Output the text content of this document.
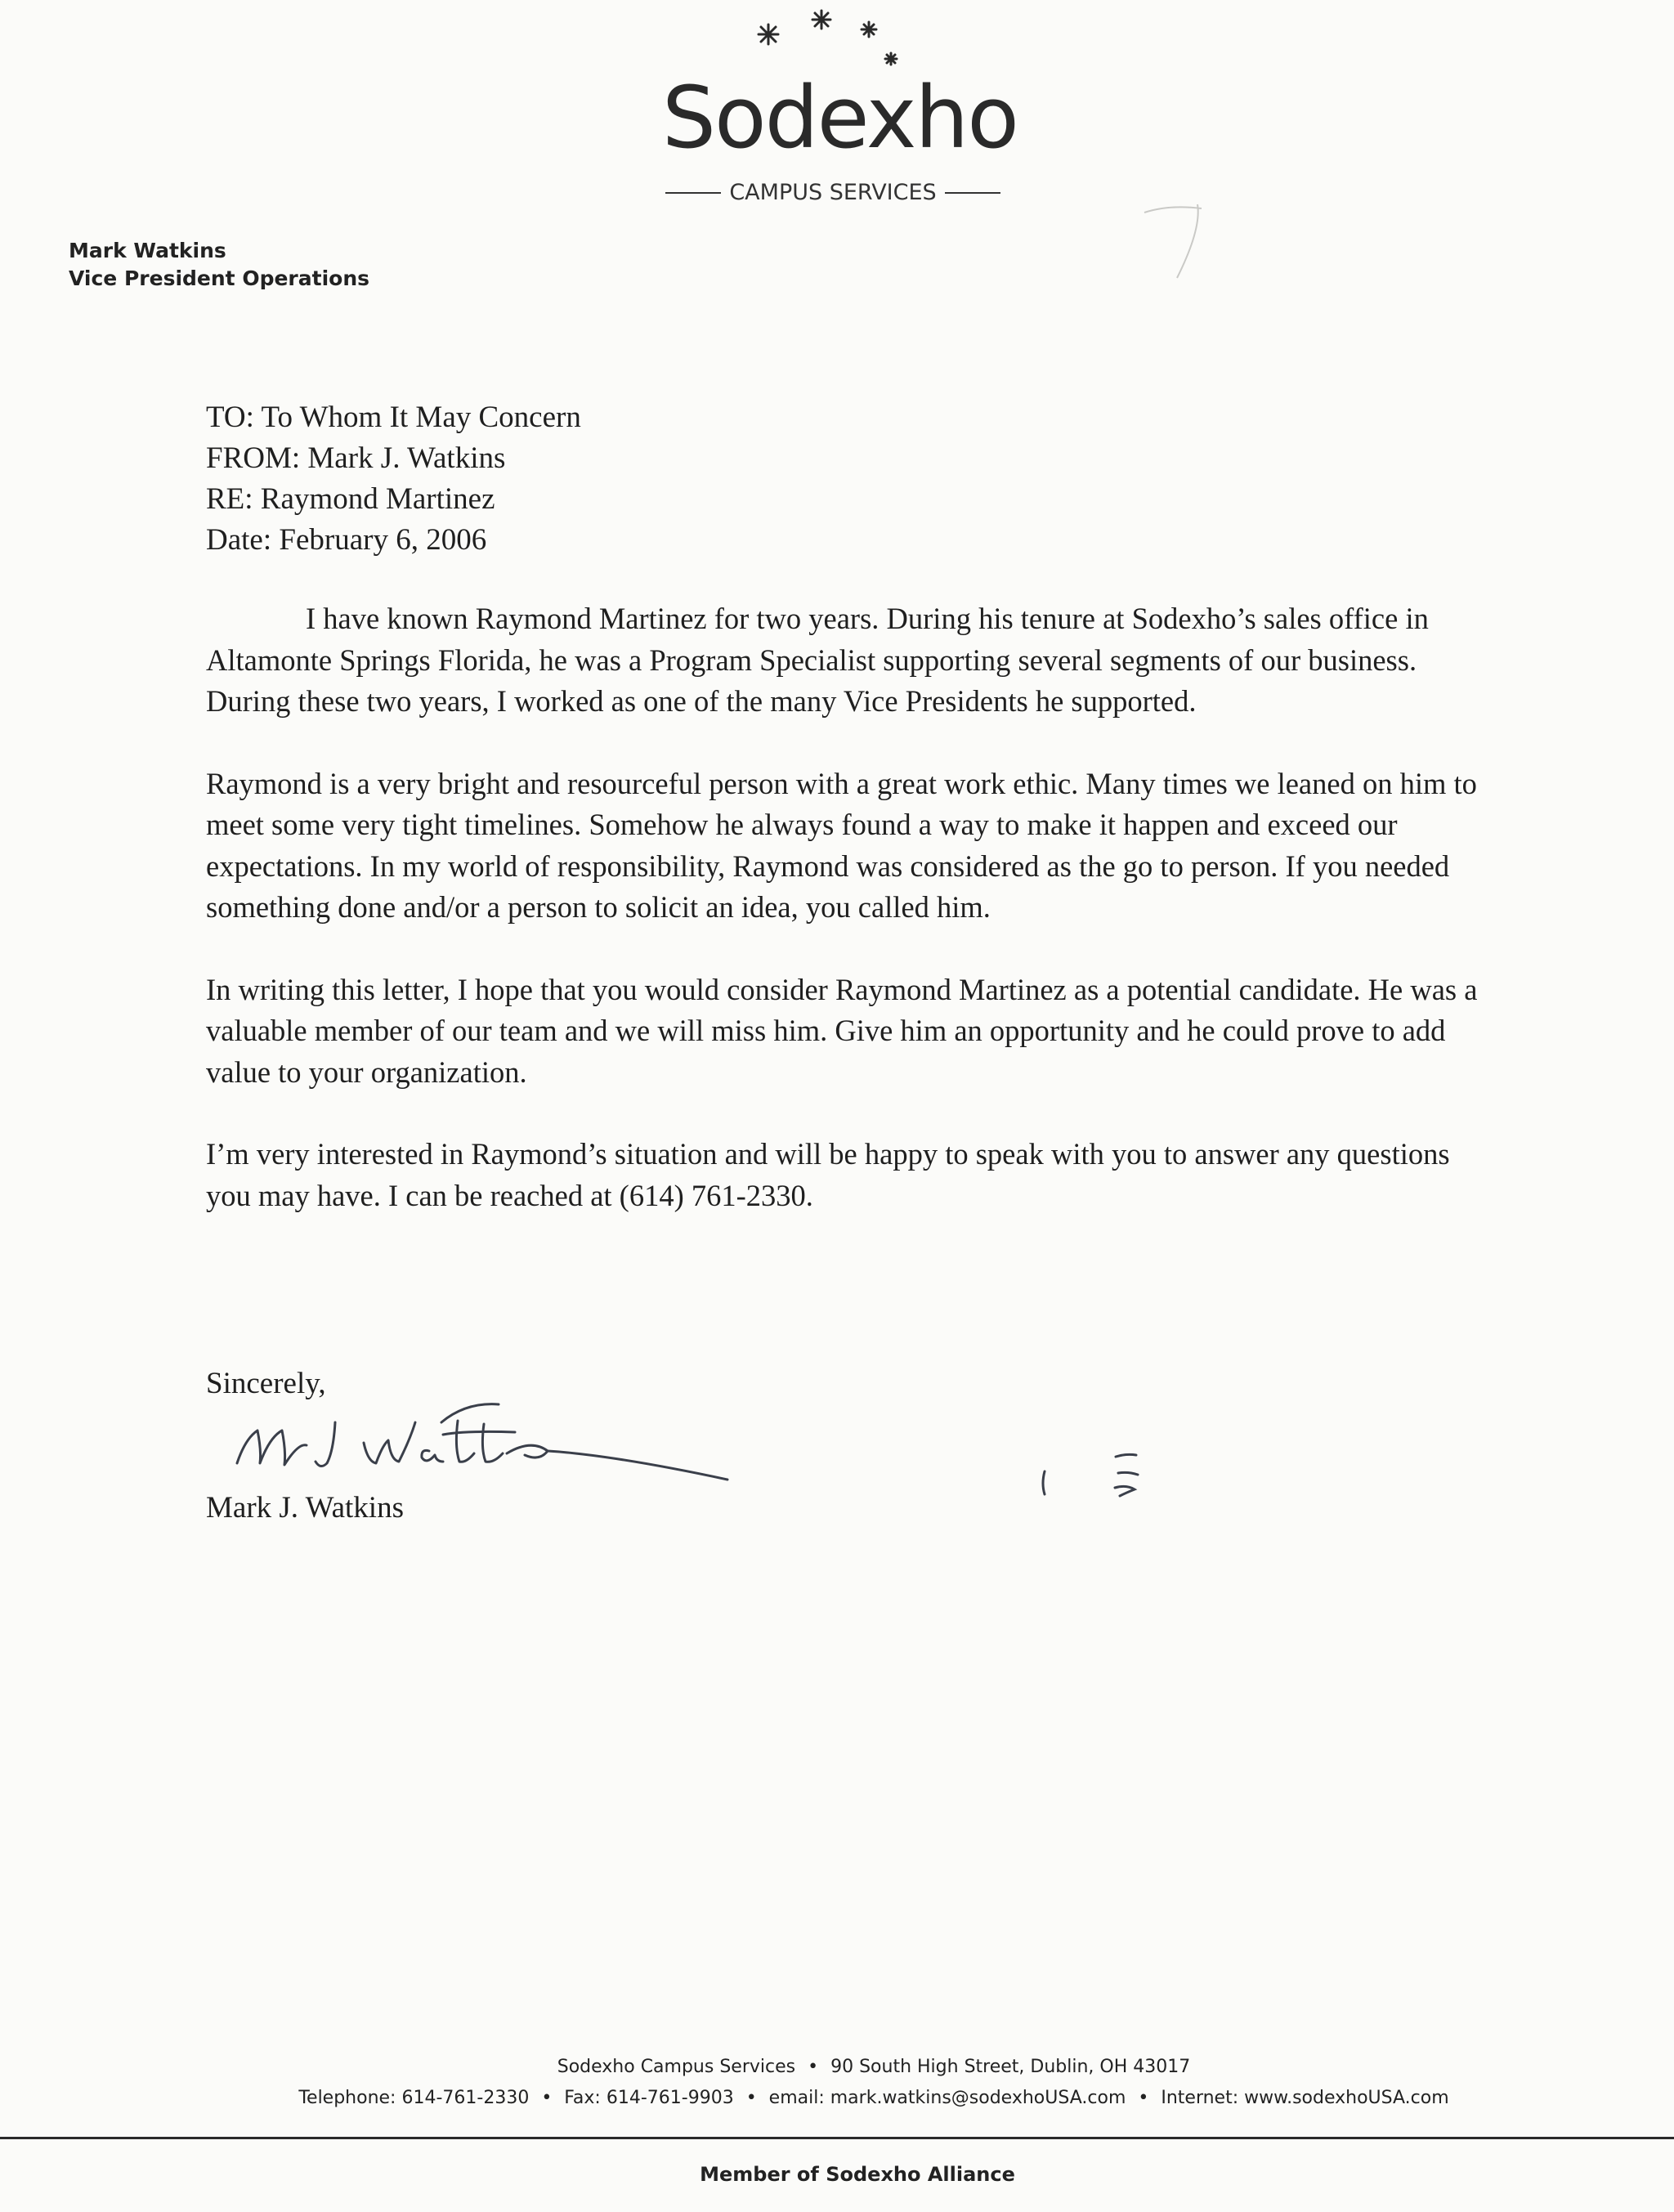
Sodexho
CAMPUS SERVICES
Mark Watkins
Vice President Operations
TO: To Whom It May Concern
FROM: Mark J. Watkins
RE: Raymond Martinez
Date: February 6, 2006

I have known Raymond Martinez for two years. During his tenure at Sodexho’s sales office in Altamonte Springs Florida, he was a Program Specialist supporting several segments of our business. During these two years, I worked as one of the many Vice Presidents he supported.

Raymond is a very bright and resourceful person with a great work ethic. Many times we leaned on him to meet some very tight timelines. Somehow he always found a way to make it happen and exceed our expectations. In my world of responsibility, Raymond was considered as the go to person. If you needed something done and/or a person to solicit an idea, you called him.

In writing this letter, I hope that you would consider Raymond Martinez as a potential candidate. He was a valuable member of our team and we will miss him. Give him an opportunity and he could prove to add value to your organization.

I’m very interested in Raymond’s situation and will be happy to speak with you to answer any questions you may have. I can be reached at (614) 761-2330.

Sincerely,
Mark J. Watkins
Sodexho Campus Services • 90 South High Street, Dublin, OH 43017
Telephone: 614-761-2330 • Fax: 614-761-9903 • email: mark.watkins@sodexhoUSA.com • Internet: www.sodexhoUSA.com
Member of Sodexho Alliance
